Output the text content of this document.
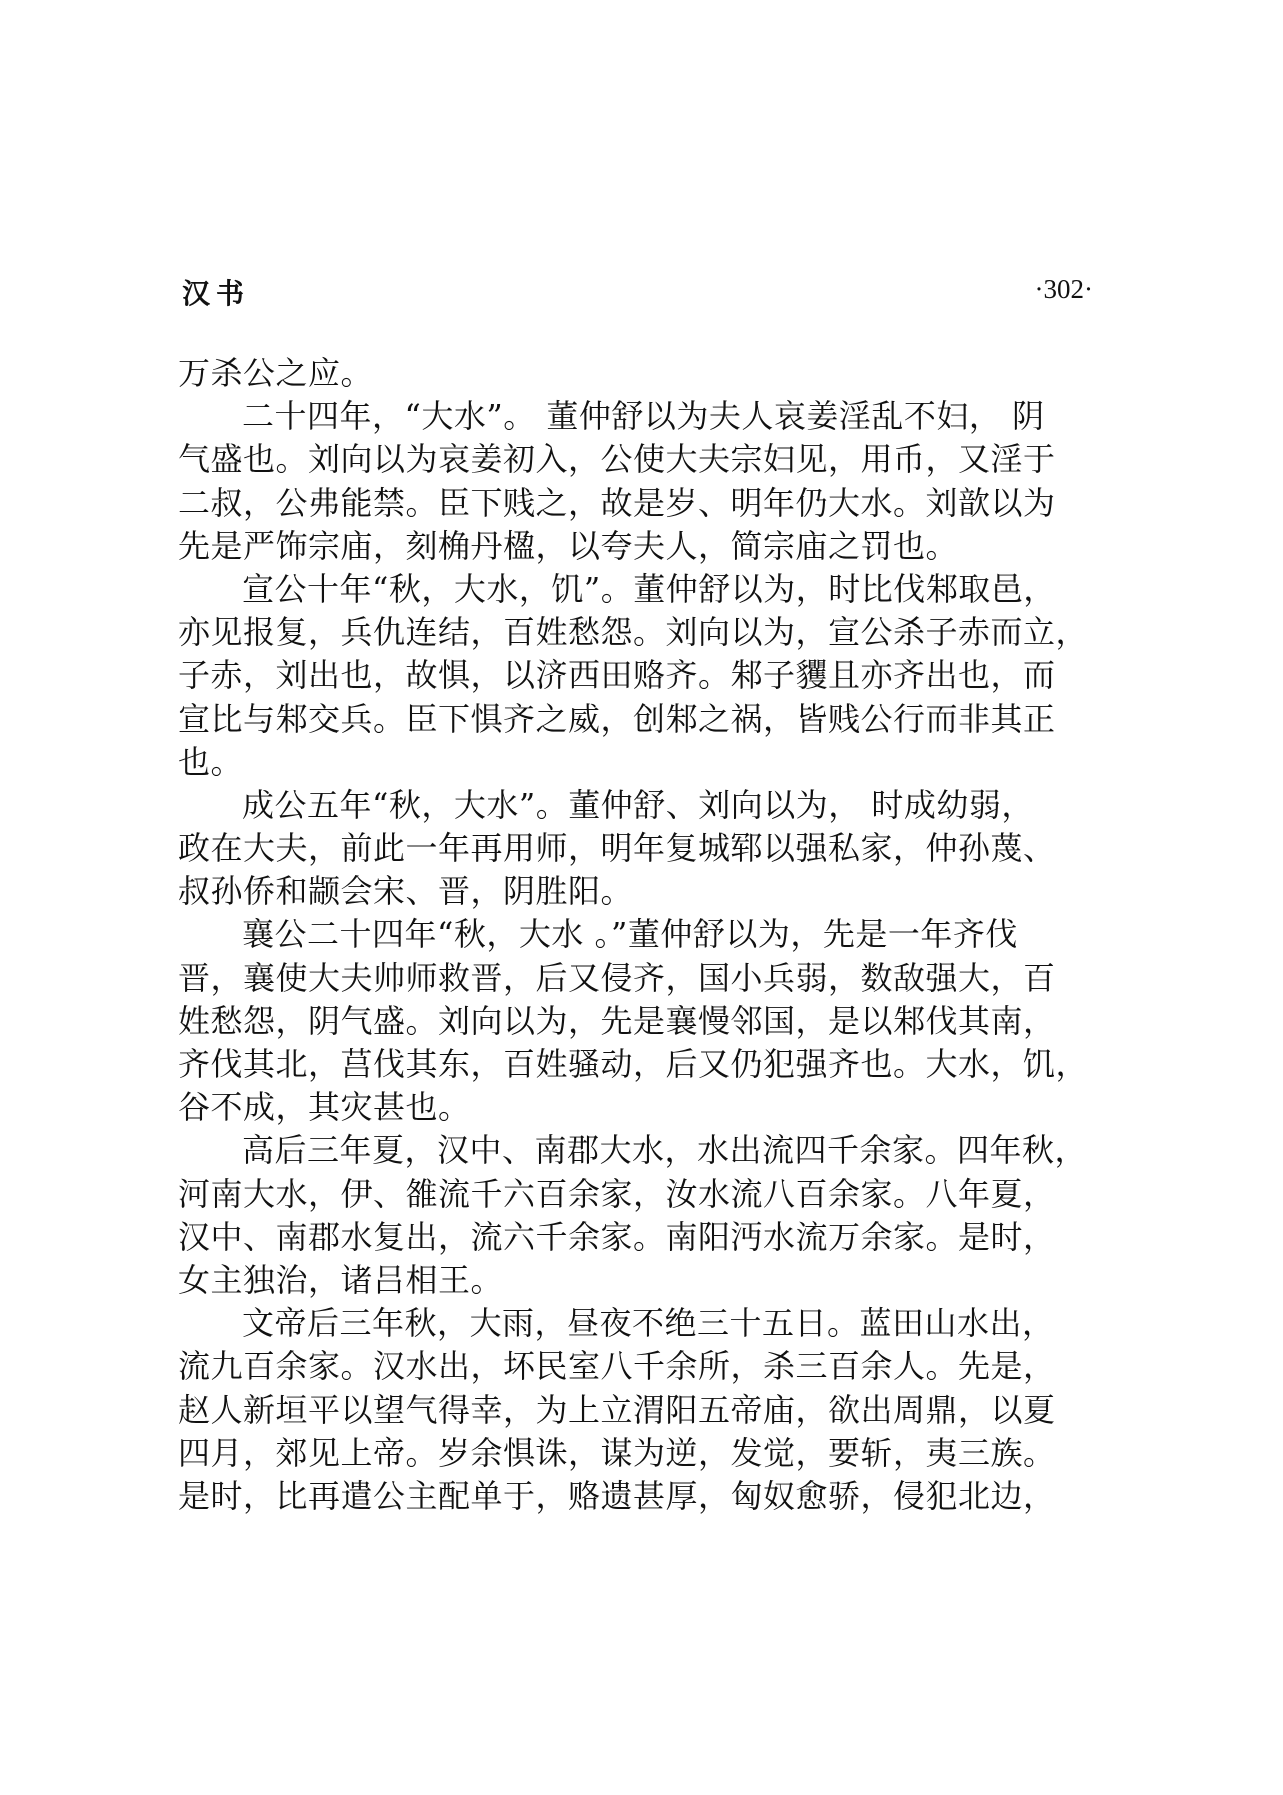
汉书	·302·
万杀公之应。
二十四年，“大水”。 董仲舒以为夫人哀姜淫乱不妇， 阴
气盛也。刘向以为哀姜初入，公使大夫宗妇见，用币，又淫于
二叔，公弗能禁。臣下贱之，故是岁、明年仍大水。刘歆以为
先是严饰宗庙，刻桷丹楹，以夸夫人，简宗庙之罚也。
宣公十年“秋，大水，饥”。董仲舒以为，时比伐邾取邑，
亦见报复，兵仇连结，百姓愁怨。刘向以为，宣公杀子赤而立，
子赤，刘出也，故惧，以济西田赂齐。邾子貜且亦齐出也，而
宣比与邾交兵。臣下惧齐之威，创邾之祸，皆贱公行而非其正
也。
成公五年“秋，大水”。董仲舒、刘向以为， 时成幼弱，
政在大夫，前此一年再用师，明年复城郓以强私家，仲孙蔑、
叔孙侨和颛会宋、晋，阴胜阳。
襄公二十四年“秋，大水 。”董仲舒以为，先是一年齐伐
晋，襄使大夫帅师救晋，后又侵齐，国小兵弱，数敌强大，百
姓愁怨，阴气盛。刘向以为，先是襄慢邻国，是以邾伐其南，
齐伐其北，莒伐其东，百姓骚动，后又仍犯强齐也。大水，饥，
谷不成，其灾甚也。
高后三年夏，汉中、南郡大水，水出流四千余家。四年秋，
河南大水，伊、雒流千六百余家，汝水流八百余家。八年夏，
汉中、南郡水复出，流六千余家。南阳沔水流万余家。是时，
女主独治，诸吕相王。
文帝后三年秋，大雨，昼夜不绝三十五日。蓝田山水出，
流九百余家。汉水出，坏民室八千余所，杀三百余人。先是，
赵人新垣平以望气得幸，为上立渭阳五帝庙，欲出周鼎，以夏
四月，郊见上帝。岁余惧诛，谋为逆，发觉，要斩，夷三族。
是时，比再遣公主配单于，赂遗甚厚，匈奴愈骄，侵犯北边，
